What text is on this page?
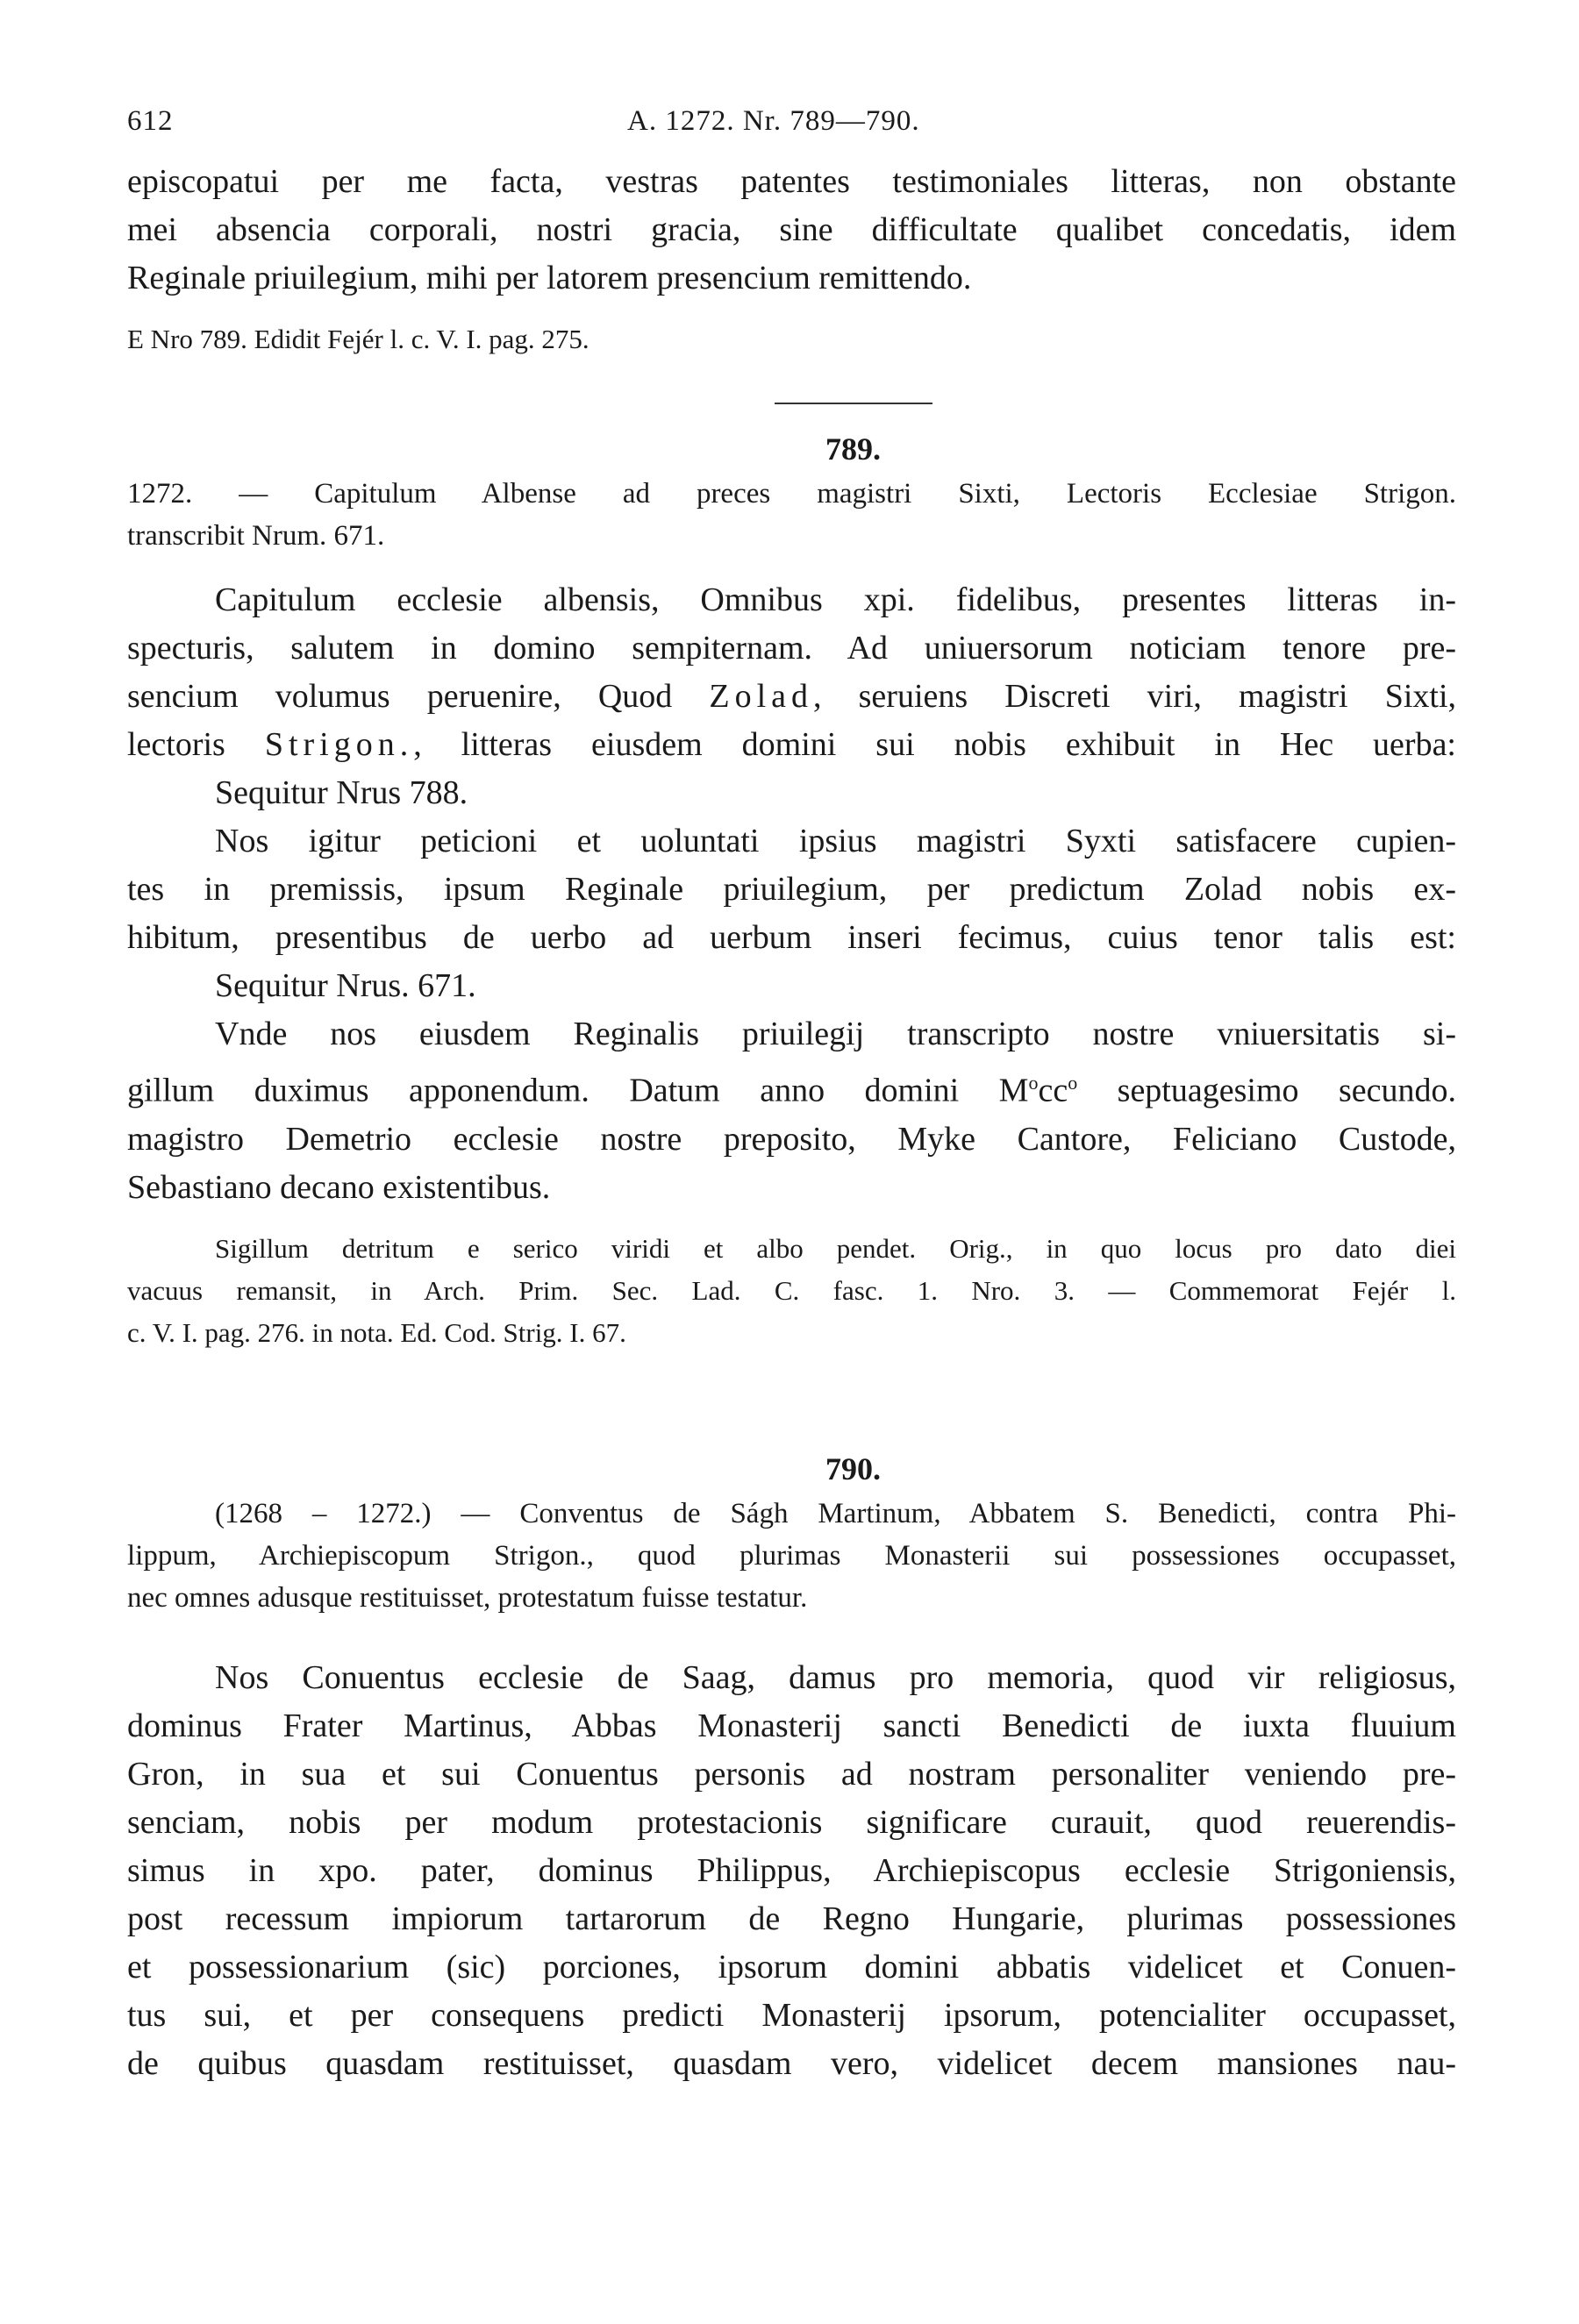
612	A. 1272. Nr. 789—790.
episcopatui per me facta, vestras patentes testimoniales litteras, non obstante
mei absencia corporali, nostri gracia, sine difficultate qualibet concedatis, idem
Reginale priuilegium, mihi per latorem presencium remittendo.

E Nro 789. Edidit Fejér l. c. V. I. pag. 275.

789.
1272. — Capitulum Albense ad preces magistri Sixti, Lectoris Ecclesiae Strigon.
transcribit Nrum. 671.
Capitulum ecclesie albensis, Omnibus xpi. fidelibus, presentes litteras in-
specturis, salutem in domino sempiternam. Ad uniuersorum noticiam tenore pre-
sencium volumus peruenire, Quod Zolad, seruiens Discreti viri, magistri Sixti,
lectoris Strigon., litteras eiusdem domini sui nobis exhibuit in Hec uerba:
Sequitur Nrus 788.
Nos igitur peticioni et uoluntati ipsius magistri Syxti satisfacere cupien-
tes in premissis, ipsum Reginale priuilegium, per predictum Zolad nobis ex-
hibitum, presentibus de uerbo ad uerbum inseri fecimus, cuius tenor talis est:
Sequitur Nrus. 671.
Vnde nos eiusdem Reginalis priuilegij transcripto nostre vniuersitatis si-
gillum duximus apponendum. Datum anno domini $M^occ^o$ septuagesimo secundo.
magistro Demetrio ecclesie nostre preposito, Myke Cantore, Feliciano Custode,
Sebastiano decano existentibus.
Sigillum detritum e serico viridi et albo pendet. Orig., in quo locus pro dato diei
vacuus remansit, in Arch. Prim. Sec. Lad. C. fasc. 1. Nro. 3. — Commemorat Fejér l.
c. V. I. pag. 276. in nota. Ed. Cod. Strig. I. 67.
790.
(1268 – 1272.) — Conventus de Ságh Martinum, Abbatem S. Benedicti, contra Phi-
lippum, Archiepiscopum Strigon., quod plurimas Monasterii sui possessiones occupasset,
nec omnes adusque restituisset, protestatum fuisse testatur.
Nos Conuentus ecclesie de Saag, damus pro memoria, quod vir religiosus,
dominus Frater Martinus, Abbas Monasterij sancti Benedicti de iuxta fluuium
Gron, in sua et sui Conuentus personis ad nostram personaliter veniendo pre-
senciam, nobis per modum protestacionis significare curauit, quod reuerendis-
simus in xpo. pater, dominus Philippus, Archiepiscopus ecclesie Strigoniensis,
post recessum impiorum tartarorum de Regno Hungarie, plurimas possessiones
et possessionarium (sic) porciones, ipsorum domini abbatis videlicet et Conuen-
tus sui, et per consequens predicti Monasterij ipsorum, potencialiter occupasset,
de quibus quasdam restituisset, quasdam vero, videlicet decem mansiones nau-
